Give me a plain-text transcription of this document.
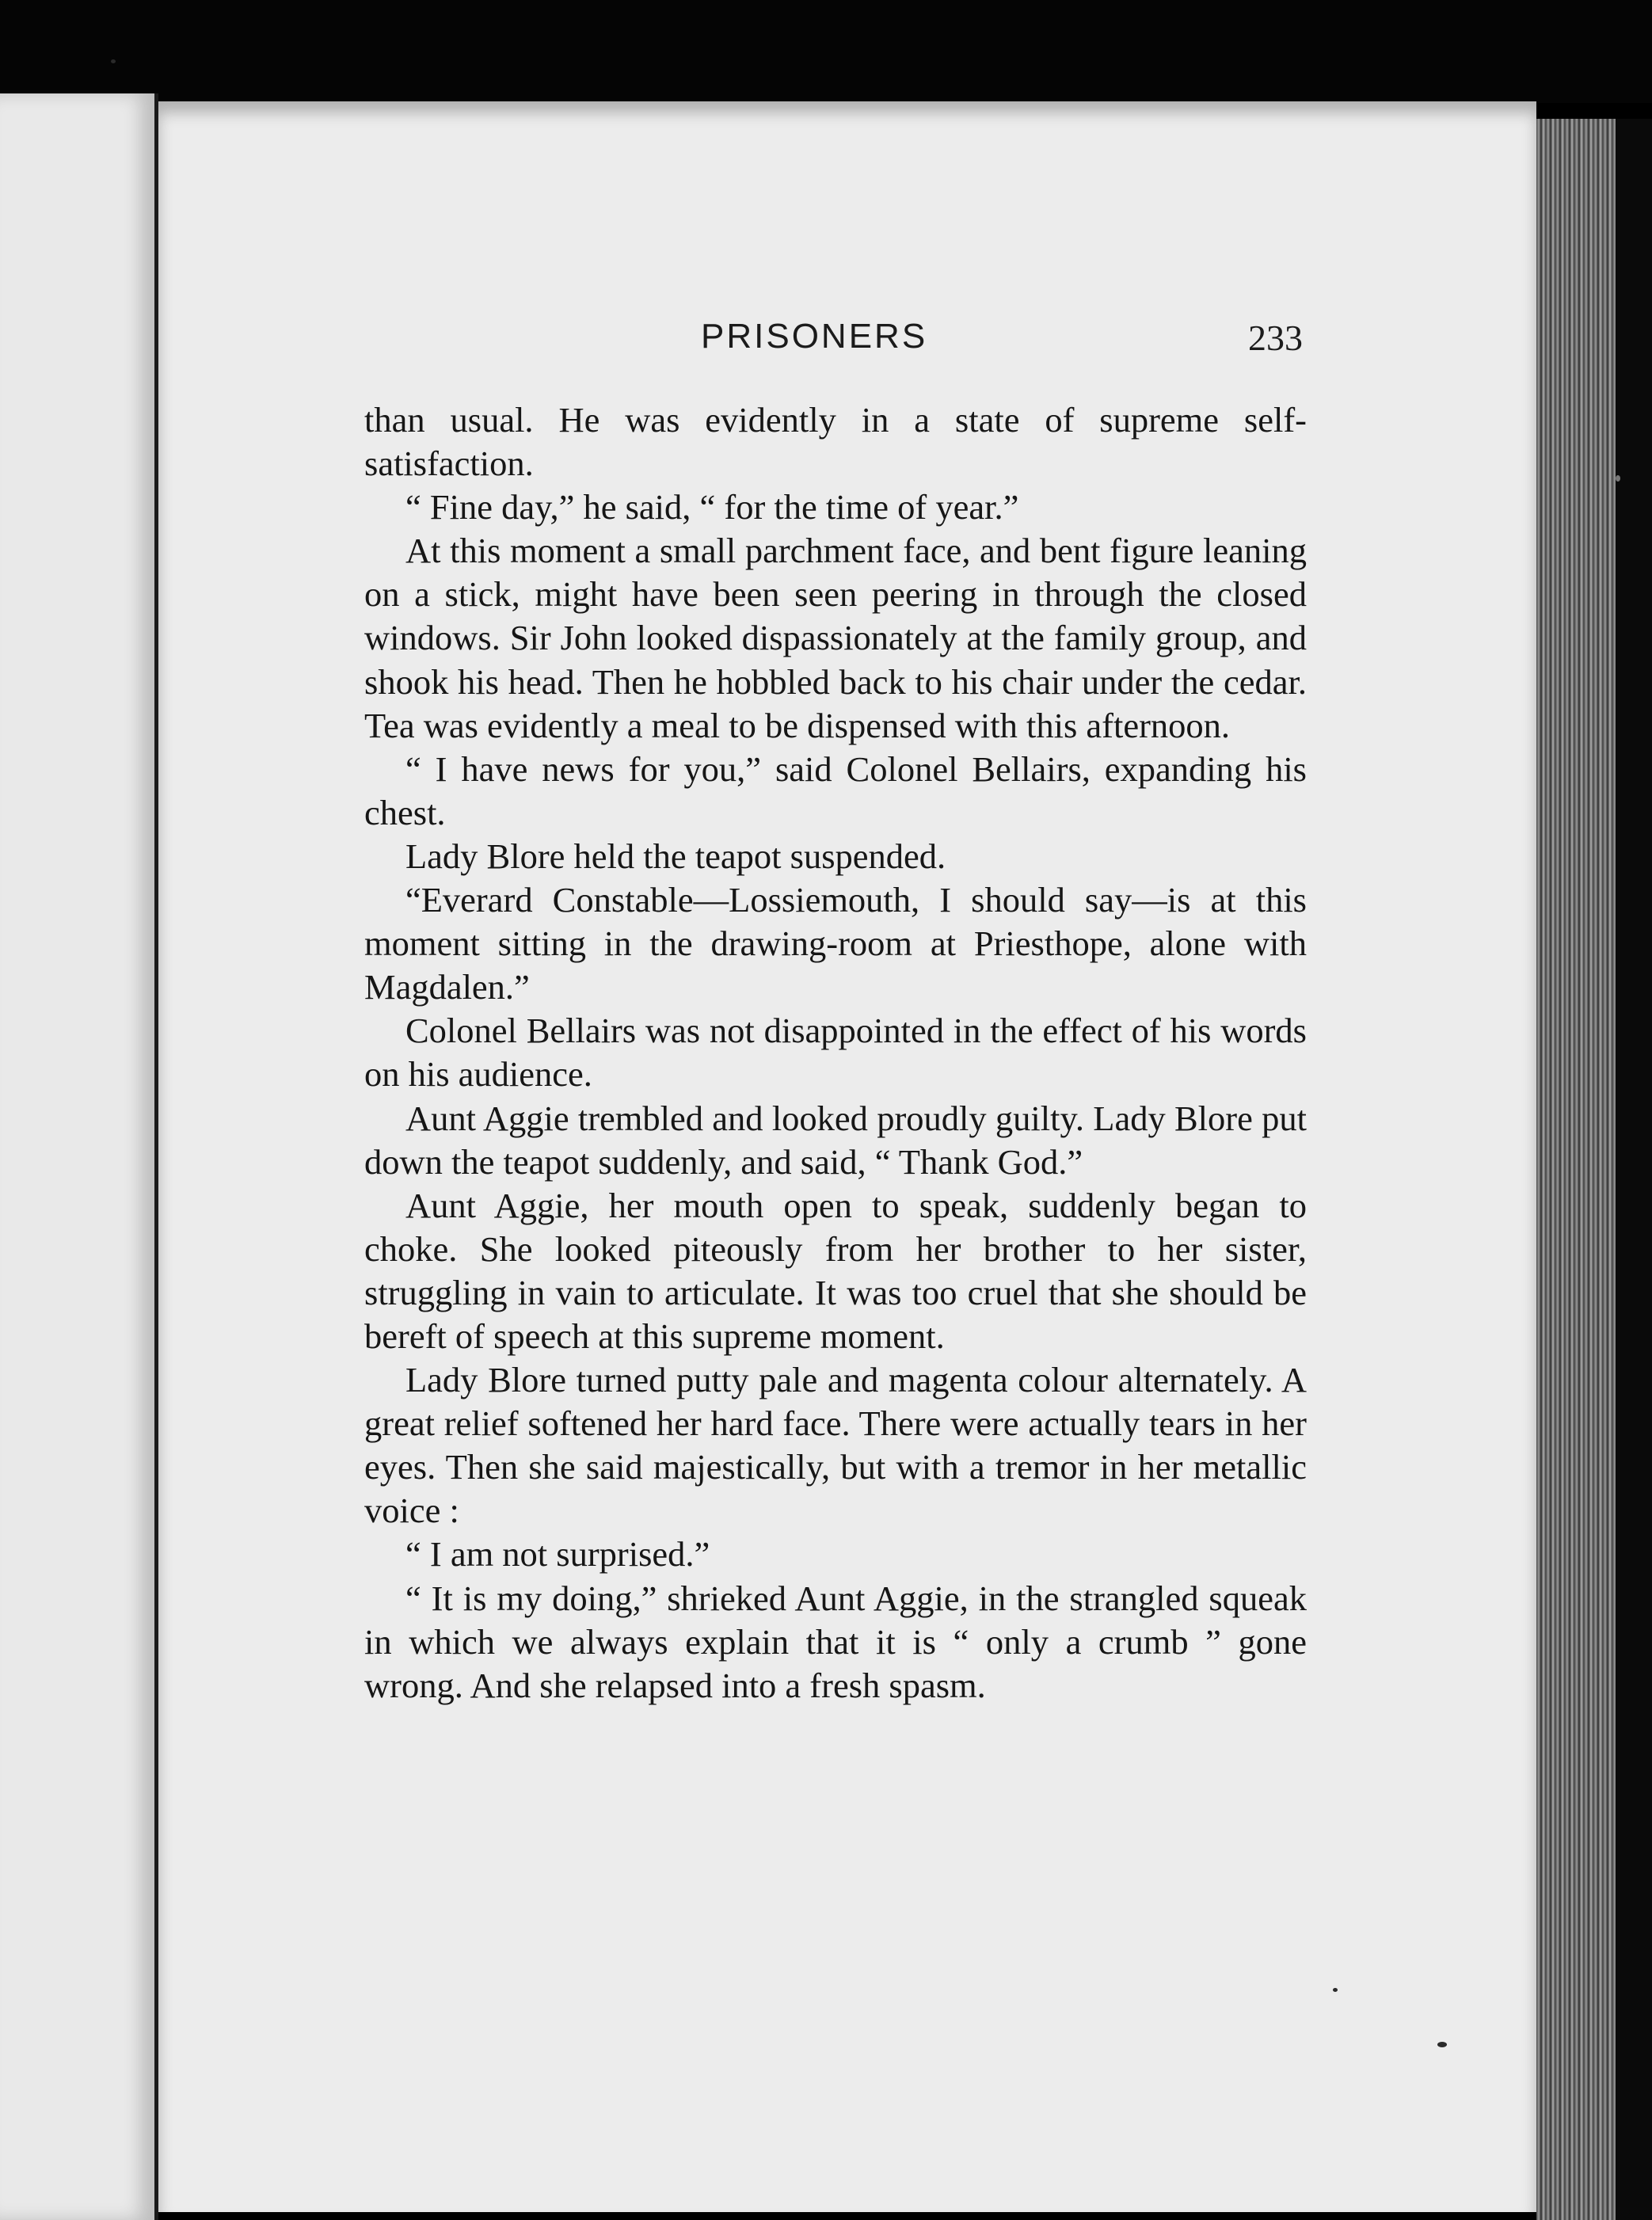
PRISONERS	233

than usual. He was evidently in a state of supreme self-satisfaction.

“ Fine day,” he said, “ for the time of year.”

At this moment a small parchment face, and bent figure leaning on a stick, might have been seen peering in through the closed windows. Sir John looked dispassionately at the family group, and shook his head. Then he hobbled back to his chair under the cedar. Tea was evidently a meal to be dispensed with this afternoon.

“ I have news for you,” said Colonel Bellairs, expanding his chest.

Lady Blore held the teapot suspended.

“Everard Constable—Lossiemouth, I should say—is at this moment sitting in the drawing-room at Priesthope, alone with Magdalen.”

Colonel Bellairs was not disappointed in the effect of his words on his audience.

Aunt Aggie trembled and looked proudly guilty. Lady Blore put down the teapot suddenly, and said, “ Thank God.”

Aunt Aggie, her mouth open to speak, suddenly began to choke. She looked piteously from her brother to her sister, struggling in vain to articulate. It was too cruel that she should be bereft of speech at this supreme moment.

Lady Blore turned putty pale and magenta colour alternately. A great relief softened her hard face. There were actually tears in her eyes. Then she said majestically, but with a tremor in her metallic voice :

“ I am not surprised.”

“ It is my doing,” shrieked Aunt Aggie, in the strangled squeak in which we always explain that it is “ only a crumb ” gone wrong. And she relapsed into a fresh spasm.
